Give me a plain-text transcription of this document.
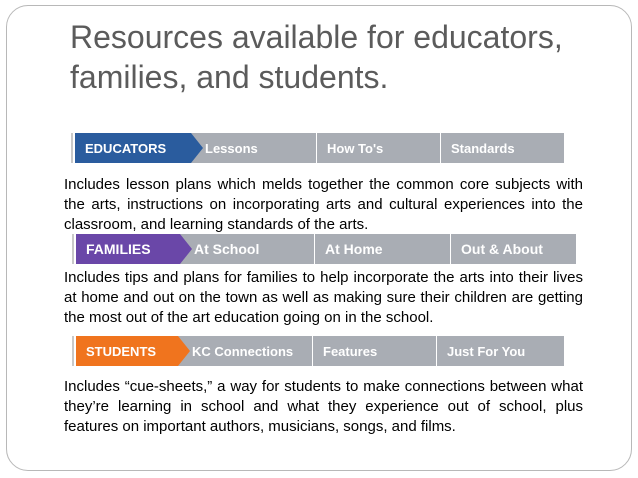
Resources available for educators, families, and students.
EDUCATORS	Lessons	How To's	Standards

Includes lesson plans which melds together the common core subjects with the arts, instructions on incorporating arts and cultural experiences into the classroom, and learning standards of the arts.

FAMILIES	At School	At Home	Out & About

Includes tips and plans for families to help incorporate the arts into their lives at home and out on the town as well as making sure their children are getting the most out of the art education going on in the school.

STUDENTS	KC Connections	Features	Just For You

Includes “cue-sheets,” a way for students to make connections between what they’re learning in school and what they experience out of school, plus features on important authors, musicians, songs, and films.
